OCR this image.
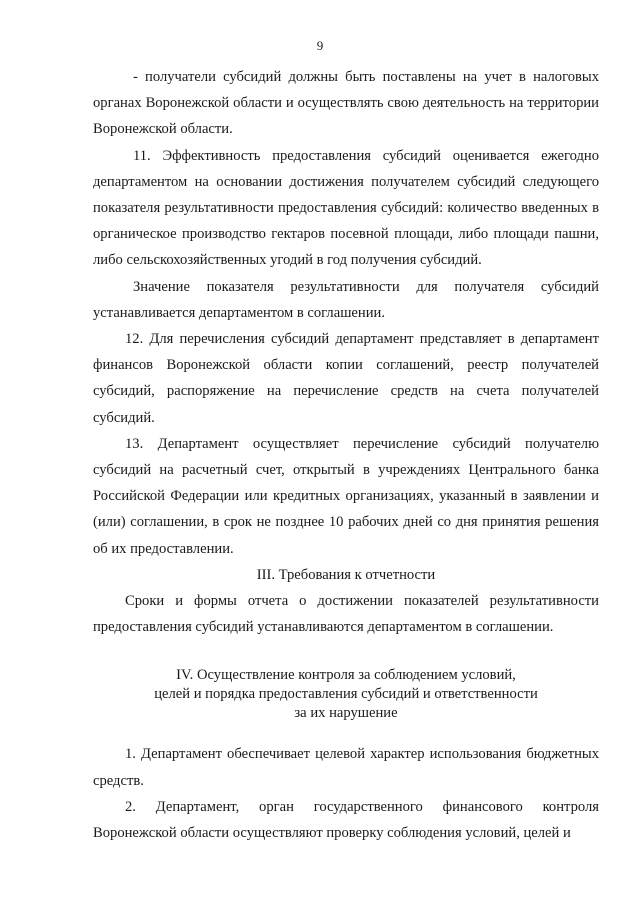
9

- получатели субсидий должны быть поставлены на учет в налоговых органах Воронежской области и осуществлять свою деятельность на территории Воронежской области.

11. Эффективность предоставления субсидий оценивается ежегодно департаментом на основании достижения получателем субсидий следующего показателя результативности предоставления субсидий: количество введенных в органическое производство гектаров посевной площади, либо площади пашни, либо сельскохозяйственных угодий в год получения субсидий.

Значение показателя результативности для получателя субсидий устанавливается департаментом в соглашении.

12. Для перечисления субсидий департамент представляет в департамент финансов Воронежской области копии соглашений, реестр получателей субсидий, распоряжение на перечисление средств на счета получателей субсидий.

13. Департамент осуществляет перечисление субсидий получателю субсидий на расчетный счет, открытый в учреждениях Центрального банка Российской Федерации или кредитных организациях, указанный в заявлении и (или) соглашении, в срок не позднее 10 рабочих дней со дня принятия решения об их предоставлении.

III. Требования к отчетности

Сроки и формы отчета о достижении показателей результативности предоставления субсидий устанавливаются департаментом в соглашении.

IV. Осуществление контроля за соблюдением условий,
целей и порядка предоставления субсидий и ответственности
за их нарушение

1. Департамент обеспечивает целевой характер использования бюджетных средств.

2. Департамент, орган государственного финансового контроля Воронежской области осуществляют проверку соблюдения условий, целей и
